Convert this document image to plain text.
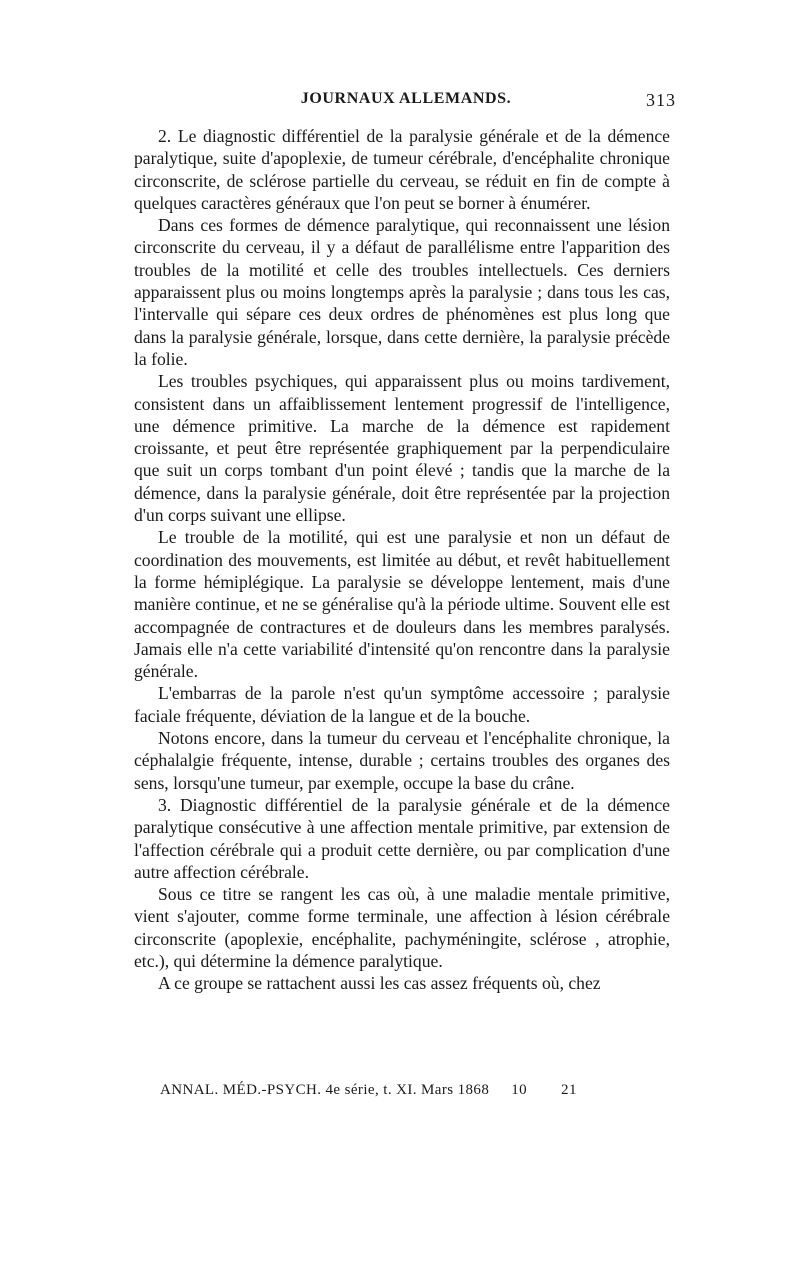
JOURNAUX ALLEMANDS.	313

2. Le diagnostic différentiel de la paralysie générale et de la démence paralytique, suite d'apoplexie, de tumeur cérébrale, d'encéphalite chronique circonscrite, de sclérose partielle du cerveau, se réduit en fin de compte à quelques caractères généraux que l'on peut se borner à énumérer.

Dans ces formes de démence paralytique, qui reconnaissent une lésion circonscrite du cerveau, il y a défaut de parallélisme entre l'apparition des troubles de la motilité et celle des troubles intellectuels. Ces derniers apparaissent plus ou moins longtemps après la paralysie ; dans tous les cas, l'intervalle qui sépare ces deux ordres de phénomènes est plus long que dans la paralysie générale, lorsque, dans cette dernière, la paralysie précède la folie.

Les troubles psychiques, qui apparaissent plus ou moins tardivement, consistent dans un affaiblissement lentement progressif de l'intelligence, une démence primitive. La marche de la démence est rapidement croissante, et peut être représentée graphiquement par la perpendiculaire que suit un corps tombant d'un point élevé ; tandis que la marche de la démence, dans la paralysie générale, doit être représentée par la projection d'un corps suivant une ellipse.

Le trouble de la motilité, qui est une paralysie et non un défaut de coordination des mouvements, est limitée au début, et revêt habituellement la forme hémiplégique. La paralysie se développe lentement, mais d'une manière continue, et ne se généralise qu'à la période ultime. Souvent elle est accompagnée de contractures et de douleurs dans les membres paralysés. Jamais elle n'a cette variabilité d'intensité qu'on rencontre dans la paralysie générale.

L'embarras de la parole n'est qu'un symptôme accessoire ; paralysie faciale fréquente, déviation de la langue et de la bouche.

Notons encore, dans la tumeur du cerveau et l'encéphalite chronique, la céphalalgie fréquente, intense, durable ; certains troubles des organes des sens, lorsqu'une tumeur, par exemple, occupe la base du crâne.

3. Diagnostic différentiel de la paralysie générale et de la démence paralytique consécutive à une affection mentale primitive, par extension de l'affection cérébrale qui a produit cette dernière, ou par complication d'une autre affection cérébrale.

Sous ce titre se rangent les cas où, à une maladie mentale primitive, vient s'ajouter, comme forme terminale, une affection à lésion cérébrale circonscrite (apoplexie, encéphalite, pachyméningite, sclérose , atrophie, etc.), qui détermine la démence paralytique.

A ce groupe se rattachent aussi les cas assez fréquents où, chez

ANNAL. MÉD.-PSYCH. 4e série, t. XI. Mars 1868 10 21
